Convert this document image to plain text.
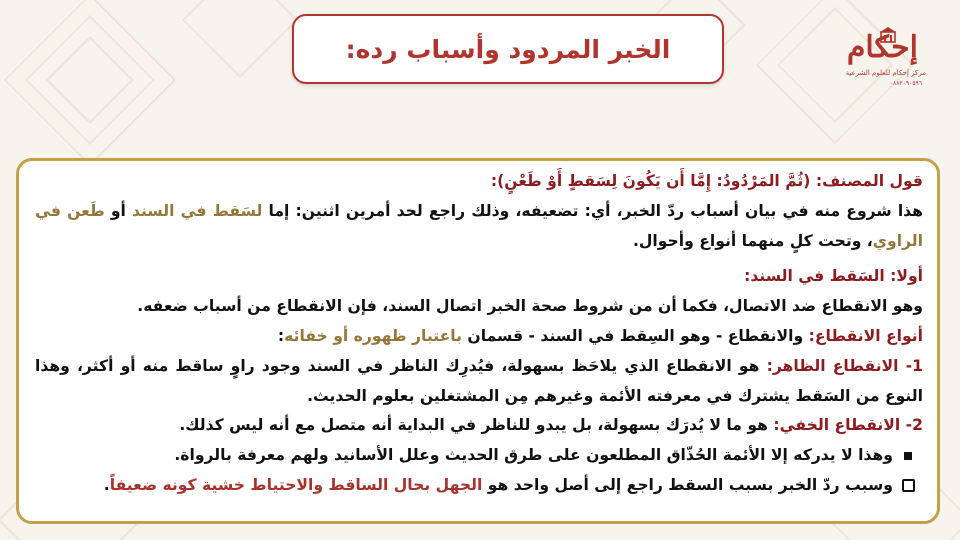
الخبر المردود وأسباب رده:	إحكام
مركز إحكام للعلوم الشرعية
٠٨٨٢٠٩٠٥٩٦

قول المصنف: (ثُمَّ المَرْدُودُ: إِمَّا أَن يَكُونَ لِسَقطٍ أَوْ طَعْنٍ):

هذا شروع منه في بيان أسباب ردّ الخبر، أي: تضعيفه، وذلك راجع لحد أمرين اثنين: إما لسَقط في السند أو طَعن في الراوي، وتحت كلٍ منهما أنواع وأحوال.

أولا: السَقط في السند:

وهو الانقطاع ضد الاتصال، فكما أن من شروط صحة الخبر اتصال السند، فإن الانقطاع من أسباب ضعفه.

أنواع الانقطاع: والانقطاع - وهو السِقط في السند - قسمان باعتبار ظهوره أو خفائه:

1- الانقطاع الظاهر: هو الانقطاع الذي يلاحَظ بسهولة، فيُدرِك الناظر في السند وجود راوٍ ساقط منه أو أكثر، وهذا النوع من السَقط يشترك في معرفته الأئمة وغيرهم مِن المشتغلين بعلوم الحديث.

2- الانقطاع الخفي: هو ما لا يُدرَك بسهولة، بل يبدو للناظر في البداية أنه متصل مع أنه ليس كذلك.

وهذا لا يدركه إلا الأئمة الحُذّاق المطلعون على طرق الحديث وعلل الأسانيد ولهم معرفة بالرواة.
وسبب ردّ الخبر بسبب السقط راجع إلى أصل واحد هو الجهل بحال الساقط والاحتياط خشية كونه ضعيفاً.
